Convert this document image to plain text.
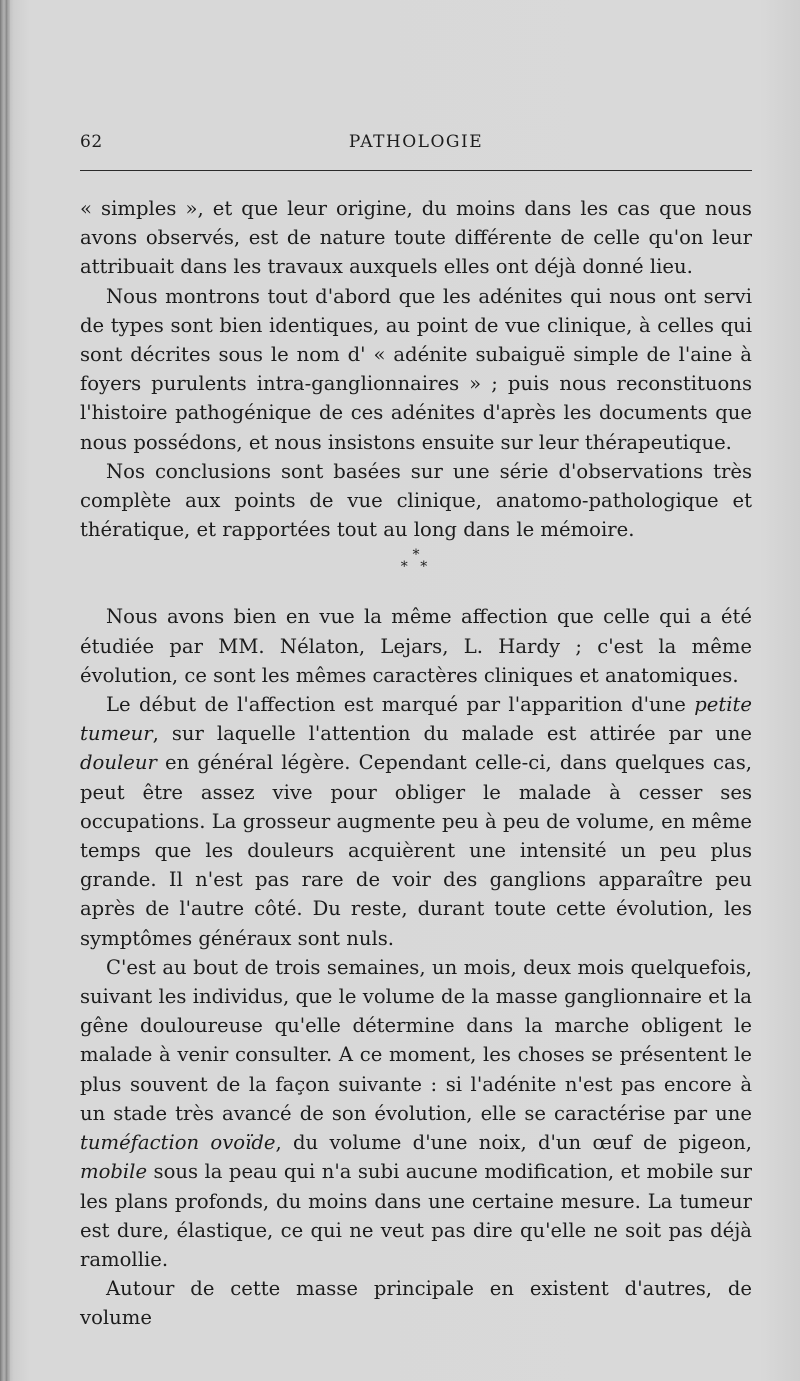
62	PATHOLOGIE

« simples », et que leur origine, du moins dans les cas que nous avons observés, est de nature toute différente de celle qu'on leur attribuait dans les travaux auxquels elles ont déjà donné lieu.

Nous montrons tout d'abord que les adénites qui nous ont servi de types sont bien identiques, au point de vue clinique, à celles qui sont décrites sous le nom d' « adénite subaiguë simple de l'aine à foyers purulents intra-ganglionnaires » ; puis nous reconstituons l'histoire pathogénique de ces adénites d'après les documents que nous possédons, et nous insistons ensuite sur leur thérapeutique.

Nos conclusions sont basées sur une série d'observations très complète aux points de vue clinique, anatomo-pathologique et thératique, et rapportées tout au long dans le mémoire.

*
* *

Nous avons bien en vue la même affection que celle qui a été étudiée par MM. Nélaton, Lejars, L. Hardy ; c'est la même évolution, ce sont les mêmes caractères cliniques et anatomiques.

Le début de l'affection est marqué par l'apparition d'une petite tumeur, sur laquelle l'attention du malade est attirée par une douleur en général légère. Cependant celle-ci, dans quelques cas, peut être assez vive pour obliger le malade à cesser ses occupations. La grosseur augmente peu à peu de volume, en même temps que les douleurs acquièrent une intensité un peu plus grande. Il n'est pas rare de voir des ganglions apparaître peu après de l'autre côté. Du reste, durant toute cette évolution, les symptômes généraux sont nuls.

C'est au bout de trois semaines, un mois, deux mois quelquefois, suivant les individus, que le volume de la masse ganglionnaire et la gêne douloureuse qu'elle détermine dans la marche obligent le malade à venir consulter. A ce moment, les choses se présentent le plus souvent de la façon suivante : si l'adénite n'est pas encore à un stade très avancé de son évolution, elle se caractérise par une tuméfaction ovoïde, du volume d'une noix, d'un œuf de pigeon, mobile sous la peau qui n'a subi aucune modification, et mobile sur les plans profonds, du moins dans une certaine mesure. La tumeur est dure, élastique, ce qui ne veut pas dire qu'elle ne soit pas déjà ramollie.

Autour de cette masse principale en existent d'autres, de volume
